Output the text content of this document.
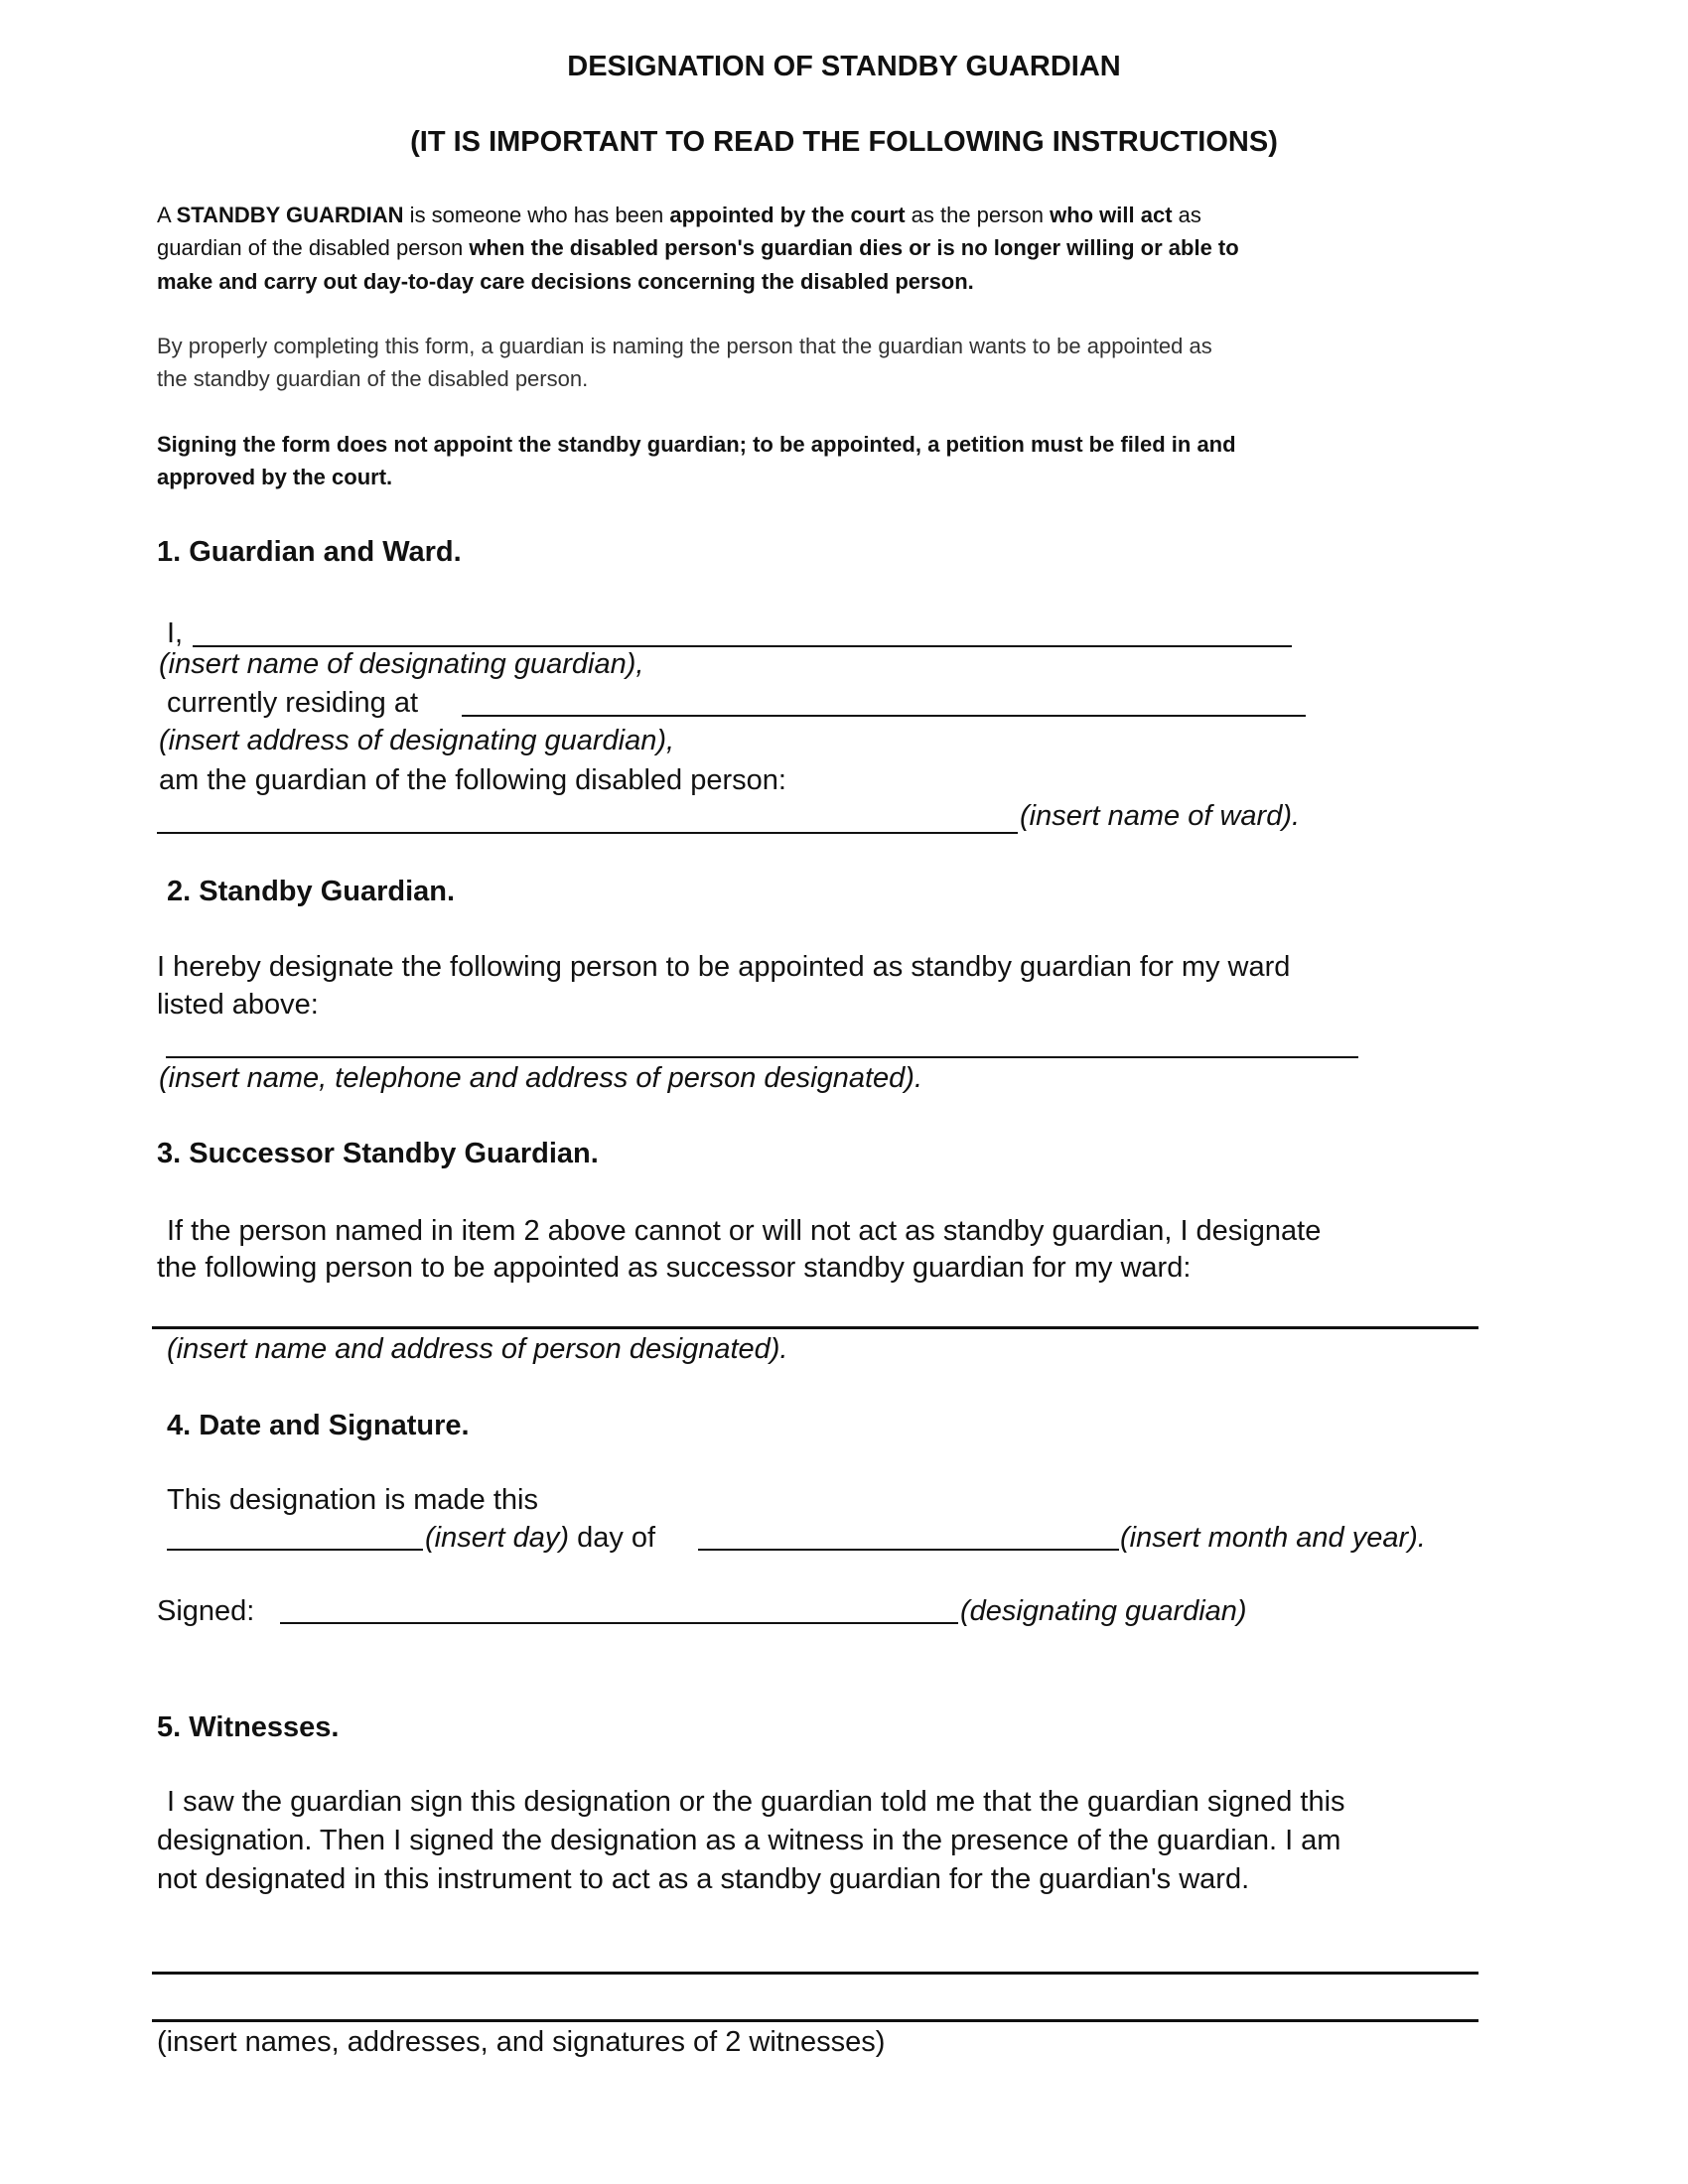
DESIGNATION OF STANDBY GUARDIAN
(IT IS IMPORTANT TO READ THE FOLLOWING INSTRUCTIONS)
A STANDBY GUARDIAN is someone who has been appointed by the court as the person who will act as
guardian of the disabled person when the disabled person's guardian dies or is no longer willing or able to
make and carry out day-to-day care decisions concerning the disabled person.
By properly completing this form, a guardian is naming the person that the guardian wants to be appointed as
the standby guardian of the disabled person.
Signing the form does not appoint the standby guardian; to be appointed, a petition must be filed in and
approved by the court.
1. Guardian and Ward.
I,
(insert name of designating guardian),
currently residing at
(insert address of designating guardian),
am the guardian of the following disabled person:
(insert name of ward).
2. Standby Guardian.
I hereby designate the following person to be appointed as standby guardian for my ward
listed above:
(insert name, telephone and address of person designated).
3. Successor Standby Guardian.
If the person named in item 2 above cannot or will not act as standby guardian, I designate
the following person to be appointed as successor standby guardian for my ward:
(insert name and address of person designated).
4. Date and Signature.
This designation is made this
(insert day) day of	(insert month and year).
Signed:	(designating guardian)
5. Witnesses.
I saw the guardian sign this designation or the guardian told me that the guardian signed this
designation. Then I signed the designation as a witness in the presence of the guardian. I am
not designated in this instrument to act as a standby guardian for the guardian's ward.
(insert names, addresses, and signatures of 2 witnesses)
